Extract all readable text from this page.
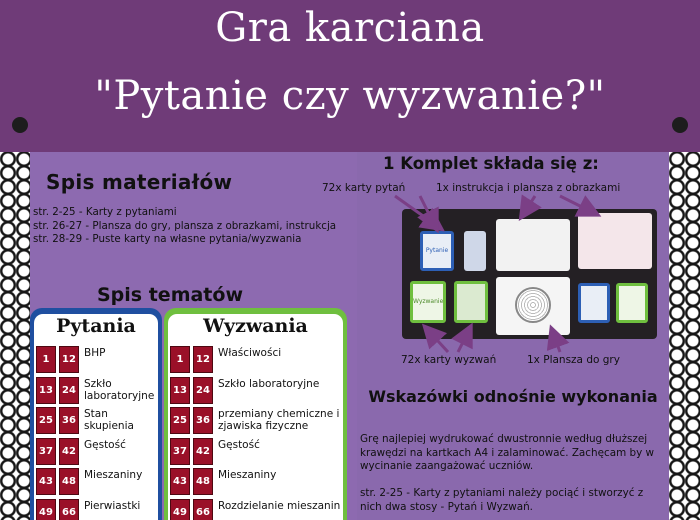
Gra karciana
"Pytanie czy wyzwanie?"
Spis materiałów
str. 2-25 - Karty z pytaniami
str. 26-27 - Plansza do gry, plansza z obrazkami, instrukcja
str. 28-29 - Puste karty na własne pytania/wyzwania
Spis tematów
Pytania
1	12
BHP
13 24
Szkło laboratoryjne
25 36
Stan skupienia
37 42
Gęstość
43 48
Mieszaniny
49 66
Pierwiastki
Wyzwania
1	12
Właściwości
13 24
Szkło laboratoryjne
25 36
przemiany chemiczne i zjawiska fizyczne
37 42
Gęstość
43 48
Mieszaniny
49 66
Rozdzielanie mieszanin
1 Komplet składa się z:
72x karty pytań	1x instrukcja i plansza z obrazkami
72x karty wyzwań	1x Plansza do gry
Pytanie
Wyzwanie
Wskazówki odnośnie wykonania

Grę najlepiej wydrukować dwustronnie według dłuższej krawędzi na kartkach A4 i zalaminować. Zachęcam by w wycinanie zaangażować uczniów.

str. 2-25 - Karty z pytaniami należy pociąć i stworzyć z nich dwa stosy - Pytań i Wyzwań.
